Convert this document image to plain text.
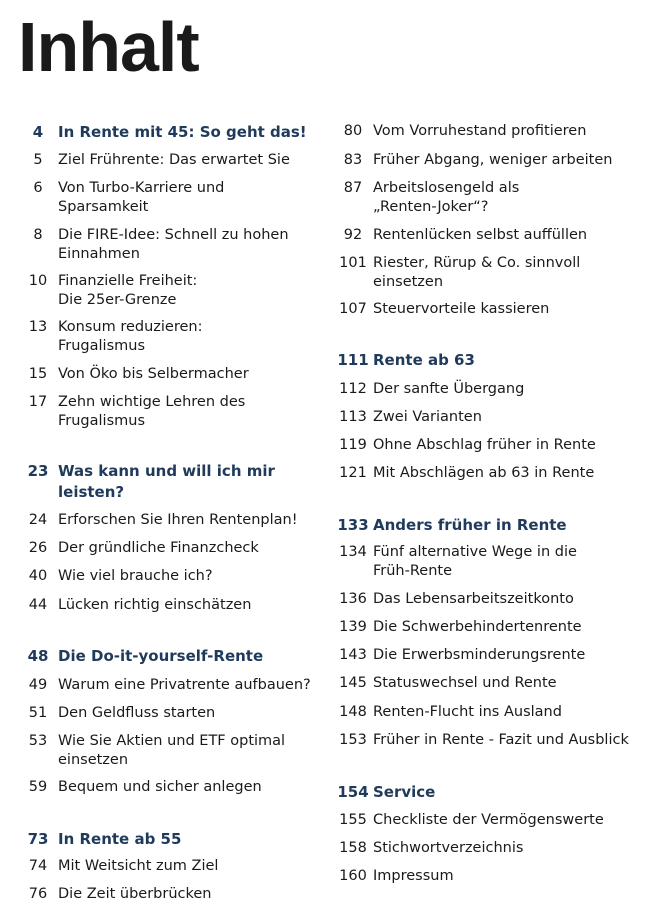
Inhalt
4 In Rente mit 45: So geht das!
5	Ziel Frührente: Das erwartet Sie
6	Von Turbo-Karriere und
Sparsamkeit
8	Die FIRE-Idee: Schnell zu hohen
Einnahmen
10 Finanzielle Freiheit:
Die 25er-Grenze
13 Konsum reduzieren:
Frugalismus
15 Von Öko bis Selbermacher
17 Zehn wichtige Lehren des
Frugalismus
23 Was kann und will ich mir
leisten?
24 Erforschen Sie Ihren Rentenplan!
26 Der gründliche Finanzcheck
40 Wie viel brauche ich?
44 Lücken richtig einschätzen
48 Die Do-it-yourself-Rente
49 Warum eine Privatrente aufbauen?
51 Den Geldfluss starten
53 Wie Sie Aktien und ETF optimal
einsetzen
59 Bequem und sicher anlegen
73 In Rente ab 55
74 Mit Weitsicht zum Ziel
76 Die Zeit überbrücken
80 Vom Vorruhestand profitieren
83 Früher Abgang, weniger arbeiten
87 Arbeitslosengeld als
„Renten-Joker“?
92 Rentenlücken selbst auffüllen
101 Riester, Rürup & Co. sinnvoll
einsetzen
107 Steuervorteile kassieren
111 Rente ab 63
112 Der sanfte Übergang
113 Zwei Varianten
119 Ohne Abschlag früher in Rente
121 Mit Abschlägen ab 63 in Rente
133 Anders früher in Rente
134 Fünf alternative Wege in die
Früh-Rente
136 Das Lebensarbeitszeitkonto
139 Die Schwerbehindertenrente
143 Die Erwerbsminderungsrente
145 Statuswechsel und Rente
148 Renten-Flucht ins Ausland
153 Früher in Rente - Fazit und Ausblick
154 Service
155 Checkliste der Vermögenswerte
158 Stichwortverzeichnis
160 Impressum
